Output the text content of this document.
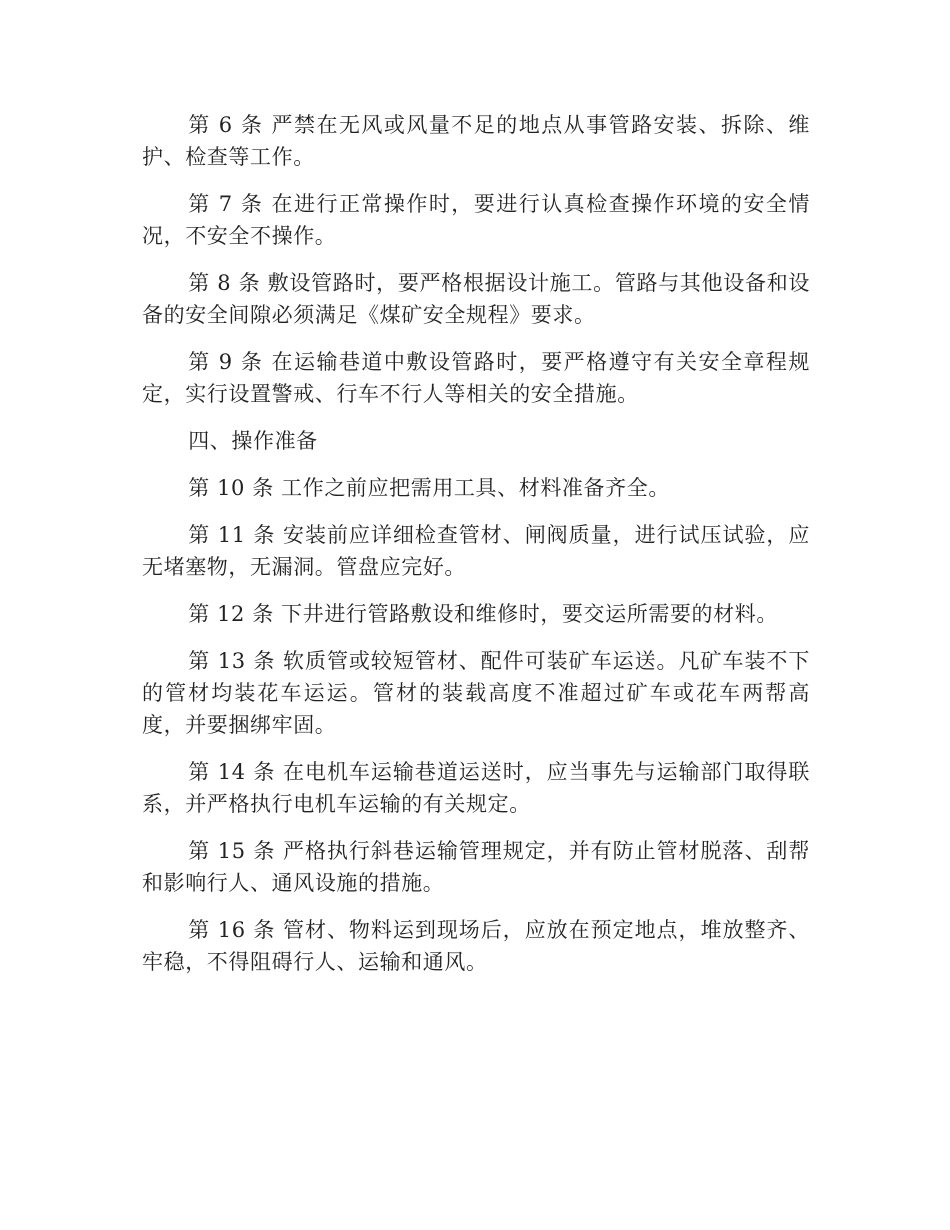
第 6 条 严禁在无风或风量不足的地点从事管路安装、拆除、维护、检查等工作。

第 7 条 在进行正常操作时，要进行认真检查操作环境的安全情况，不安全不操作。

第 8 条 敷设管路时，要严格根据设计施工。管路与其他设备和设备的安全间隙必须满足《煤矿安全规程》要求。

第 9 条 在运输巷道中敷设管路时，要严格遵守有关安全章程规定，实行设置警戒、行车不行人等相关的安全措施。

四、操作准备

第 10 条 工作之前应把需用工具、材料准备齐全。

第 11 条 安装前应详细检查管材、闸阀质量，进行试压试验，应无堵塞物，无漏洞。管盘应完好。

第 12 条 下井进行管路敷设和维修时，要交运所需要的材料。

第 13 条 软质管或较短管材、配件可装矿车运送。凡矿车装不下的管材均装花车运运。管材的装载高度不准超过矿车或花车两帮高度，并要捆绑牢固。

第 14 条 在电机车运输巷道运送时，应当事先与运输部门取得联系，并严格执行电机车运输的有关规定。

第 15 条 严格执行斜巷运输管理规定，并有防止管材脱落、刮帮和影响行人、通风设施的措施。

第 16 条 管材、物料运到现场后，应放在预定地点，堆放整齐、牢稳，不得阻碍行人、运输和通风。
